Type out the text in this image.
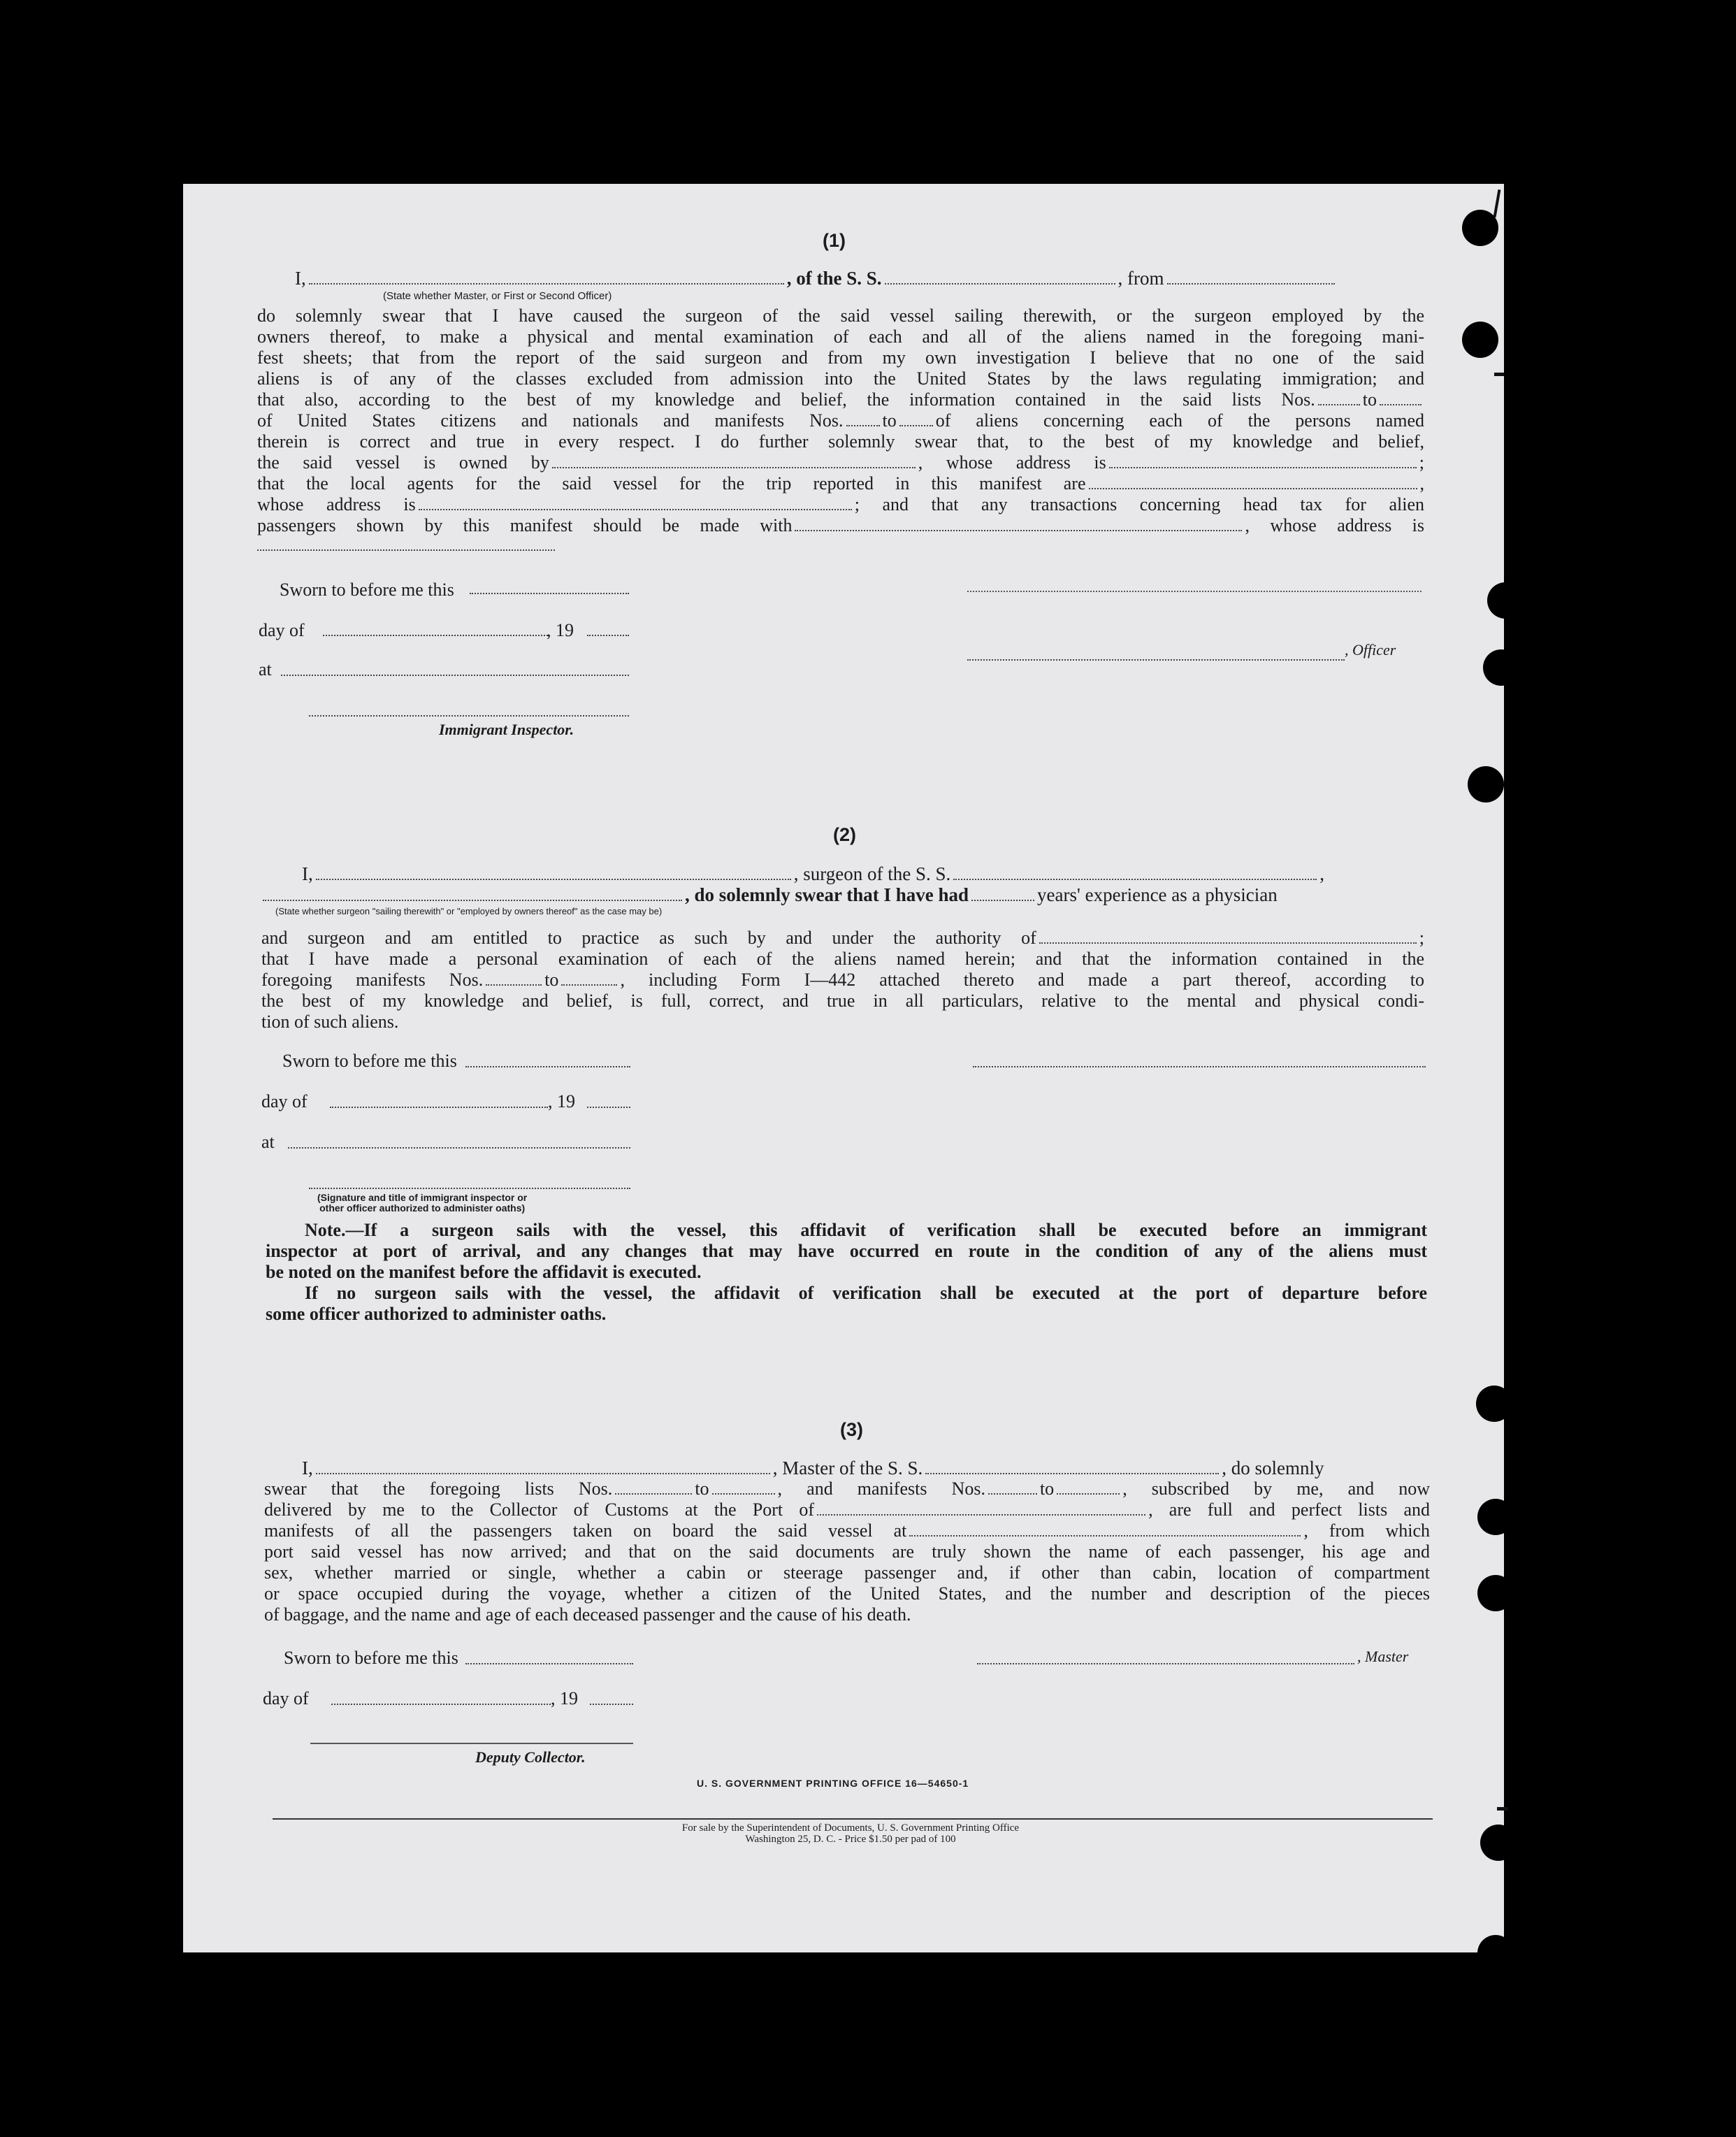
(1)
I,	, of the S. S.	, from
(State whether Master, or First or Second Officer)
do solemnly swear that I have caused the surgeon of the said vessel sailing therewith, or the surgeon employed by the
owners thereof, to make a physical and mental examination of each and all of the aliens named in the foregoing mani-
fest sheets; that from the report of the said surgeon and from my own investigation I believe that no one of the said
aliens is of any of the classes excluded from admission into the United States by the laws regulating immigration; and
that also, according to the best of my knowledge and belief, the information contained in the said lists Nos.	to
of United States citizens and nationals and manifests Nos. to of aliens concerning each of the persons named
therein is correct and true in every respect. I do further solemnly swear that, to the best of my knowledge and belief,
the said vessel is owned by	, whose address is	;
that the local agents for the said vessel for the trip reported in this manifest are	,
whose address is	; and that any transactions concerning head tax for alien
passengers shown by this manifest should be made with	, whose address is
Sworn to before me this
day of	, 19
, Officer
at
Immigrant Inspector.
(2)
I,	, surgeon of the S. S.	,
, do solemnly swear that I have had	years' experience as a physician
(State whether surgeon "sailing therewith" or "employed by owners thereof" as the case may be)
and surgeon and am entitled to practice as such by and under the authority of	;
that I have made a personal examination of each of the aliens named herein; and that the information contained in the
foregoing manifests Nos.	to	, including Form I—442 attached thereto and made a part thereof, according to
the best of my knowledge and belief, is full, correct, and true in all particulars, relative to the mental and physical condi-
tion of such aliens.
Sworn to before me this
day of	, 19
at
(Signature and title of immigrant inspector or
other officer authorized to administer oaths)
Note.—If a surgeon sails with the vessel, this affidavit of verification shall be executed before an immigrant
inspector at port of arrival, and any changes that may have occurred en route in the condition of any of the aliens must
be noted on the manifest before the affidavit is executed.
If no surgeon sails with the vessel, the affidavit of verification shall be executed at the port of departure before
some officer authorized to administer oaths.
(3)
I,	, Master of the S. S.	, do solemnly
swear that the foregoing lists Nos.	to	, and manifests Nos.	to	, subscribed by me, and now
delivered by me to the Collector of Customs at the Port of	, are full and perfect lists and
manifests of all the passengers taken on board the said vessel at	, from which
port said vessel has now arrived; and that on the said documents are truly shown the name of each passenger, his age and
sex, whether married or single, whether a cabin or steerage passenger and, if other than cabin, location of compartment
or space occupied during the voyage, whether a citizen of the United States, and the number and description of the pieces
of baggage, and the name and age of each deceased passenger and the cause of his death.
Sworn to before me this	, Master
day of	, 19
Deputy Collector.
U. S. GOVERNMENT PRINTING OFFICE 16—54650-1
For sale by the Superintendent of Documents, U. S. Government Printing Office
Washington 25, D. C. - Price $1.50 per pad of 100
